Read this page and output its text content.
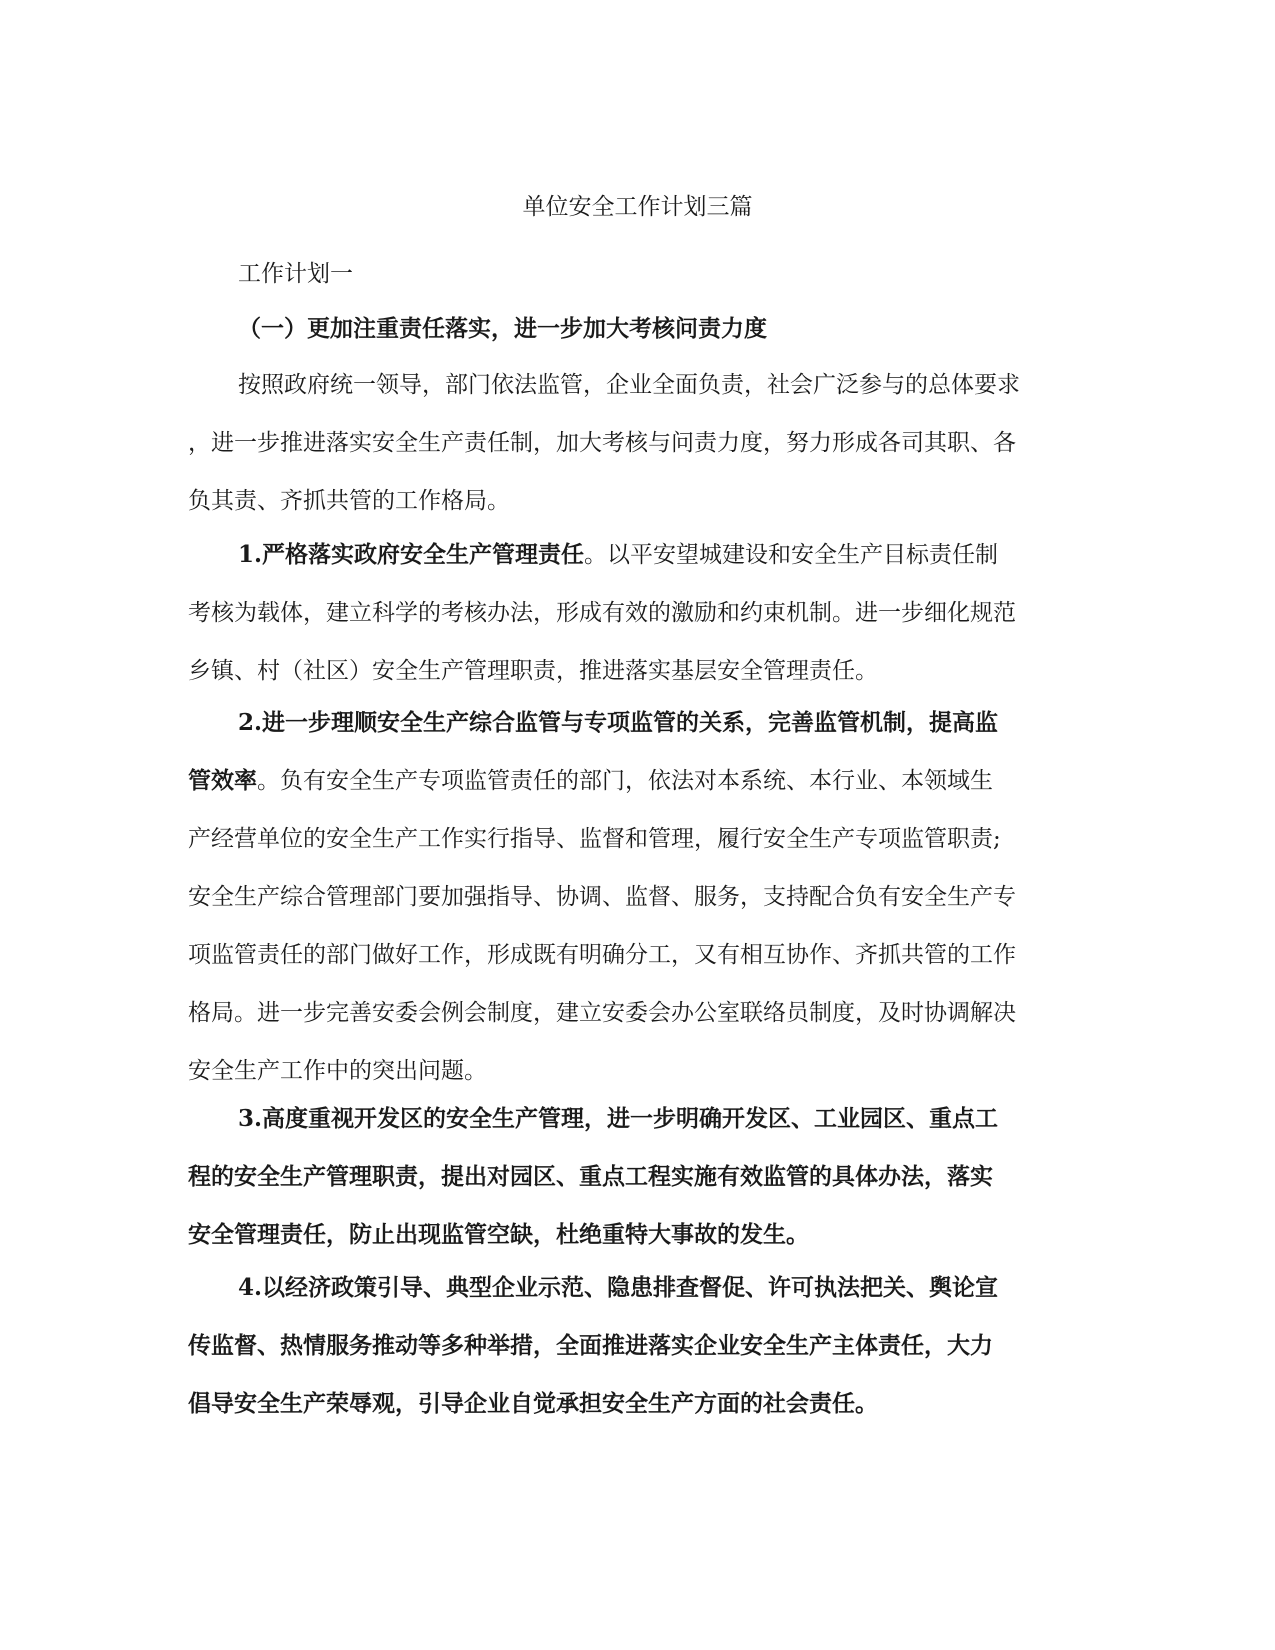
单位安全工作计划三篇
工作计划一
（一）更加注重责任落实，进一步加大考核问责力度
按照政府统一领导，部门依法监管，企业全面负责，社会广泛参与的总体要求
，进一步推进落实安全生产责任制，加大考核与问责力度，努力形成各司其职、各
负其责、齐抓共管的工作格局。
1.严格落实政府安全生产管理责任。以平安望城建设和安全生产目标责任制
考核为载体，建立科学的考核办法，形成有效的激励和约束机制。进一步细化规范
乡镇、村（社区）安全生产管理职责，推进落实基层安全管理责任。
2.进一步理顺安全生产综合监管与专项监管的关系，完善监管机制，提高监
管效率。负有安全生产专项监管责任的部门，依法对本系统、本行业、本领域生
产经营单位的安全生产工作实行指导、监督和管理，履行安全生产专项监管职责;
安全生产综合管理部门要加强指导、协调、监督、服务，支持配合负有安全生产专
项监管责任的部门做好工作，形成既有明确分工，又有相互协作、齐抓共管的工作
格局。进一步完善安委会例会制度，建立安委会办公室联络员制度，及时协调解决
安全生产工作中的突出问题。
3.高度重视开发区的安全生产管理，进一步明确开发区、工业园区、重点工
程的安全生产管理职责，提出对园区、重点工程实施有效监管的具体办法，落实
安全管理责任，防止出现监管空缺，杜绝重特大事故的发生。
4.以经济政策引导、典型企业示范、隐患排查督促、许可执法把关、舆论宣
传监督、热情服务推动等多种举措，全面推进落实企业安全生产主体责任，大力
倡导安全生产荣辱观，引导企业自觉承担安全生产方面的社会责任。
